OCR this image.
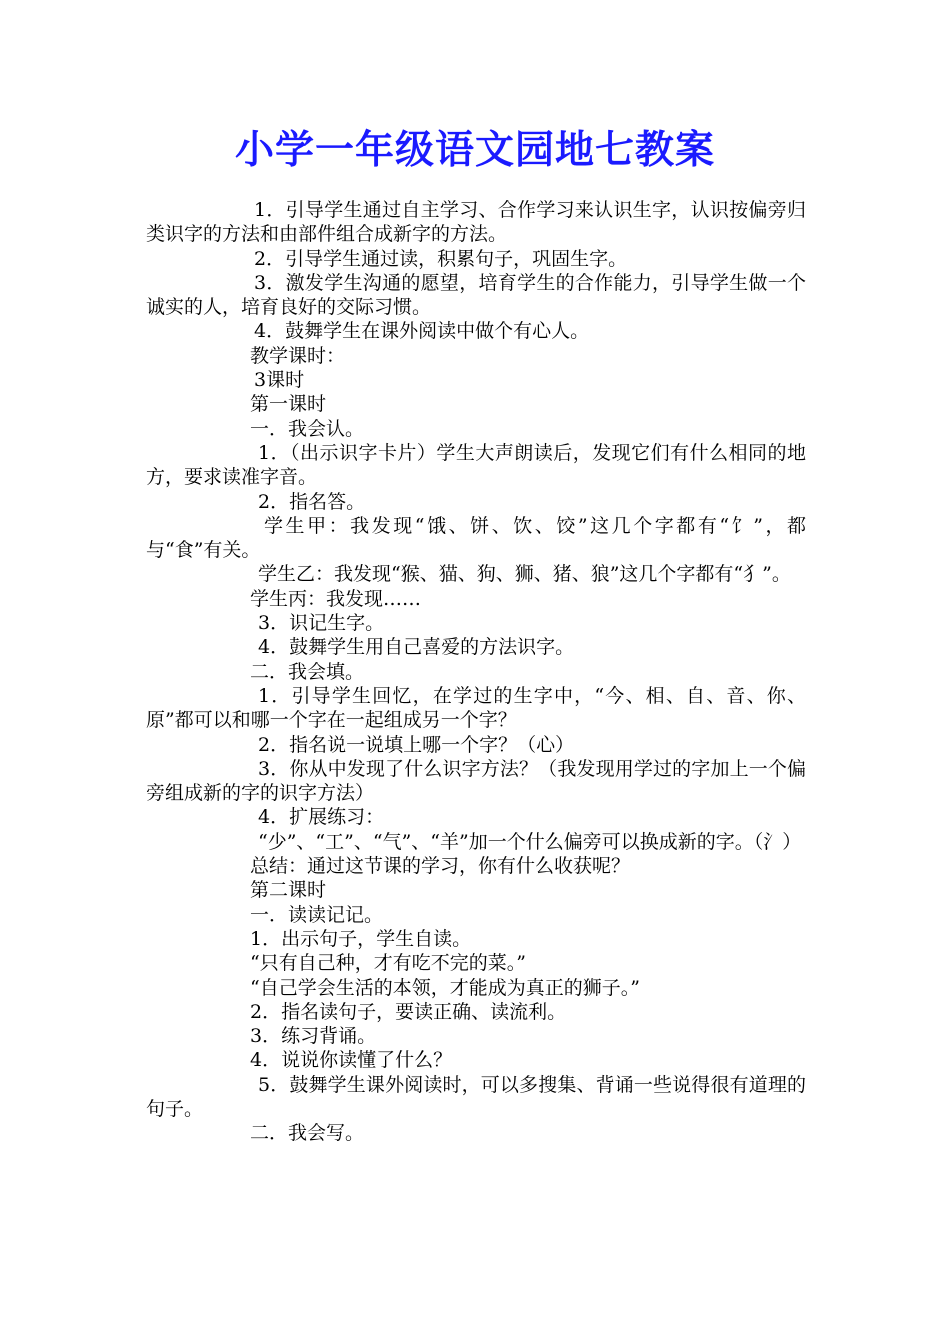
小学一年级语文园地七教案

1．引导学生通过自主学习、合作学习来认识生字，认识按偏旁归类识字的方法和由部件组合成新字的方法。

2．引导学生通过读，积累句子，巩固生字。

3．激发学生沟通的愿望，培育学生的合作能力，引导学生做一个诚实的人，培育良好的交际习惯。

4．鼓舞学生在课外阅读中做个有心人。

教学课时：

3课时

第一课时

一．我会认。

1．（出示识字卡片）学生大声朗读后，发现它们有什么相同的地方，要求读准字音。

2．指名答。

学生甲：我发现“饿、饼、饮、饺”这几个字都有“饣”，都与“食”有关。

学生乙：我发现“猴、猫、狗、狮、猪、狼”这几个字都有“犭”。

学生丙：我发现……

3．识记生字。

4．鼓舞学生用自己喜爱的方法识字。

二．我会填。

1．引导学生回忆，在学过的生字中，“今、相、自、音、你、原”都可以和哪一个字在一起组成另一个字？

2．指名说一说填上哪一个字？（心）

3．你从中发现了什么识字方法？（我发现用学过的字加上一个偏旁组成新的字的识字方法）

4．扩展练习：

“少”、“工”、“气”、“羊”加一个什么偏旁可以换成新的字。（氵）

总结：通过这节课的学习，你有什么收获呢？

第二课时

一．读读记记。

1．出示句子，学生自读。

“只有自己种，才有吃不完的菜。”

“自己学会生活的本领，才能成为真正的狮子。”

2．指名读句子，要读正确、读流利。

3．练习背诵。

4．说说你读懂了什么？

5．鼓舞学生课外阅读时，可以多搜集、背诵一些说得很有道理的句子。

二．我会写。
